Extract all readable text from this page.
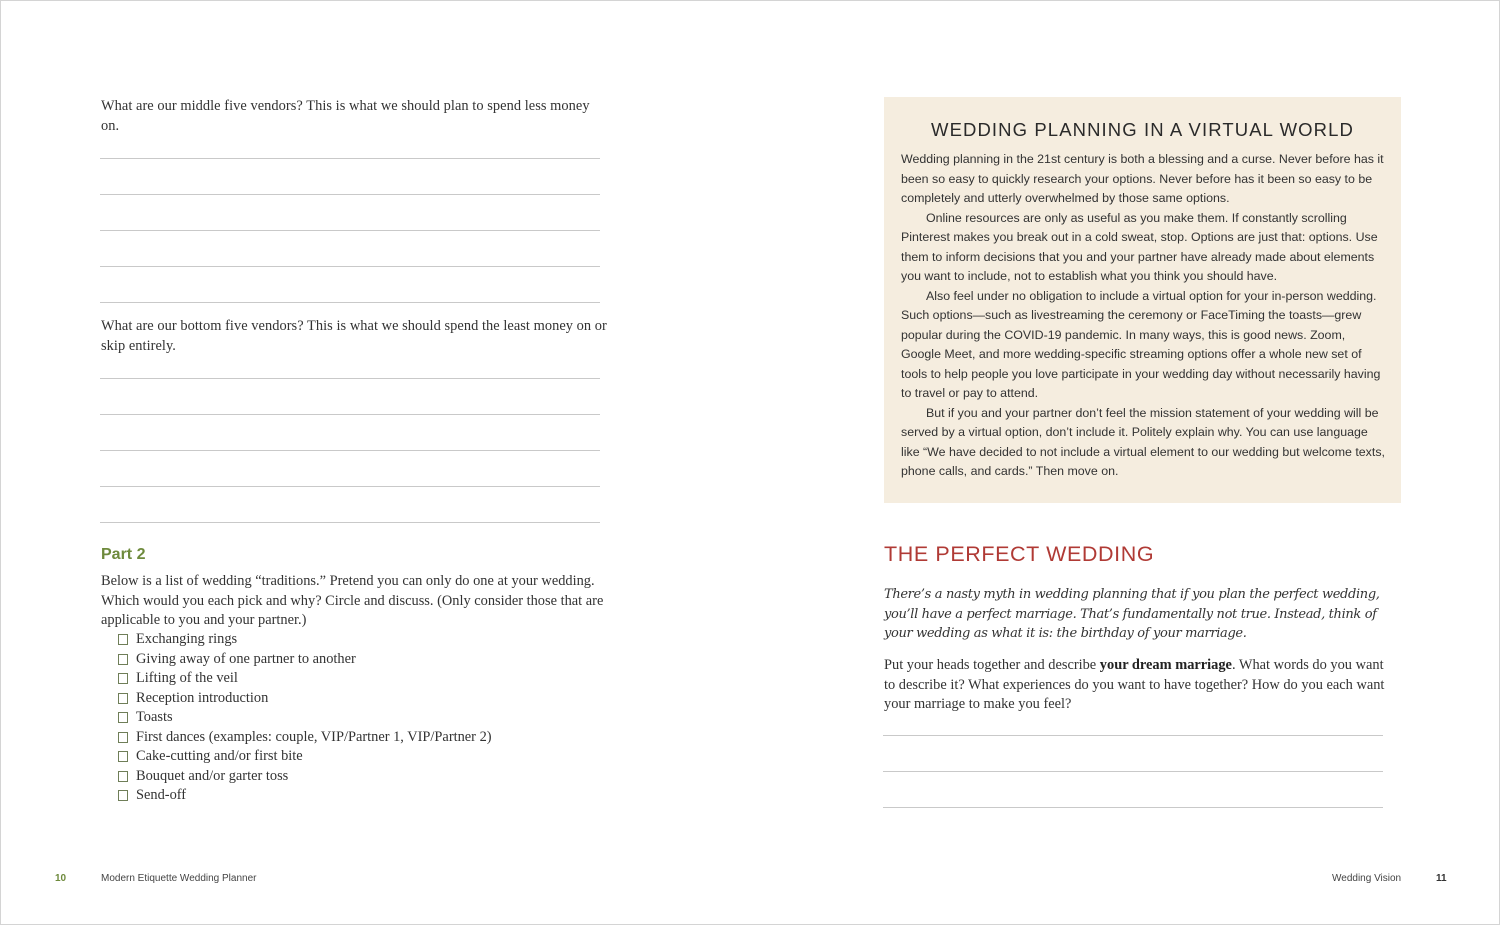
What are our middle five vendors? This is what we should plan to spend less money on.

What are our bottom five vendors? This is what we should spend the least money on or skip entirely.

Part 2

Below is a list of wedding “traditions.” Pretend you can only do one at your wedding. Which would you each pick and why? Circle and discuss. (Only consider those that are applicable to you and your partner.)

Exchanging rings
Giving away of one partner to another
Lifting of the veil
Reception introduction
Toasts
First dances (examples: couple, VIP/Partner 1, VIP/Partner 2)
Cake-cutting and/or first bite
Bouquet and/or garter toss
Send-off
10	Modern Etiquette Wedding Planner
WEDDING PLANNING IN A VIRTUAL WORLD

Wedding planning in the 21st century is both a blessing and a curse. Never before has it been so easy to quickly research your options. Never before has it been so easy to be completely and utterly overwhelmed by those same options.

Online resources are only as useful as you make them. If constantly scrolling Pinterest makes you break out in a cold sweat, stop. Options are just that: options. Use them to inform decisions that you and your partner have already made about elements you want to include, not to establish what you think you should have.

Also feel under no obligation to include a virtual option for your in-person wedding. Such options—such as livestreaming the ceremony or FaceTiming the toasts—grew popular during the COVID-19 pandemic. In many ways, this is good news. Zoom, Google Meet, and more wedding-specific streaming options offer a whole new set of tools to help people you love participate in your wedding day without necessarily having to travel or pay to attend.

But if you and your partner don’t feel the mission statement of your wedding will be served by a virtual option, don’t include it. Politely explain why. You can use language like “We have decided to not include a virtual element to our wedding but welcome texts, phone calls, and cards.” Then move on.

THE PERFECT WEDDING

There’s a nasty myth in wedding planning that if you plan the perfect wedding, you’ll have a perfect marriage. That’s fundamentally not true. Instead, think of your wedding as what it is: the birthday of your marriage.

Put your heads together and describe your dream marriage. What words do you want to describe it? What experiences do you want to have together? How do you each want your marriage to make you feel?

Wedding Vision	11
